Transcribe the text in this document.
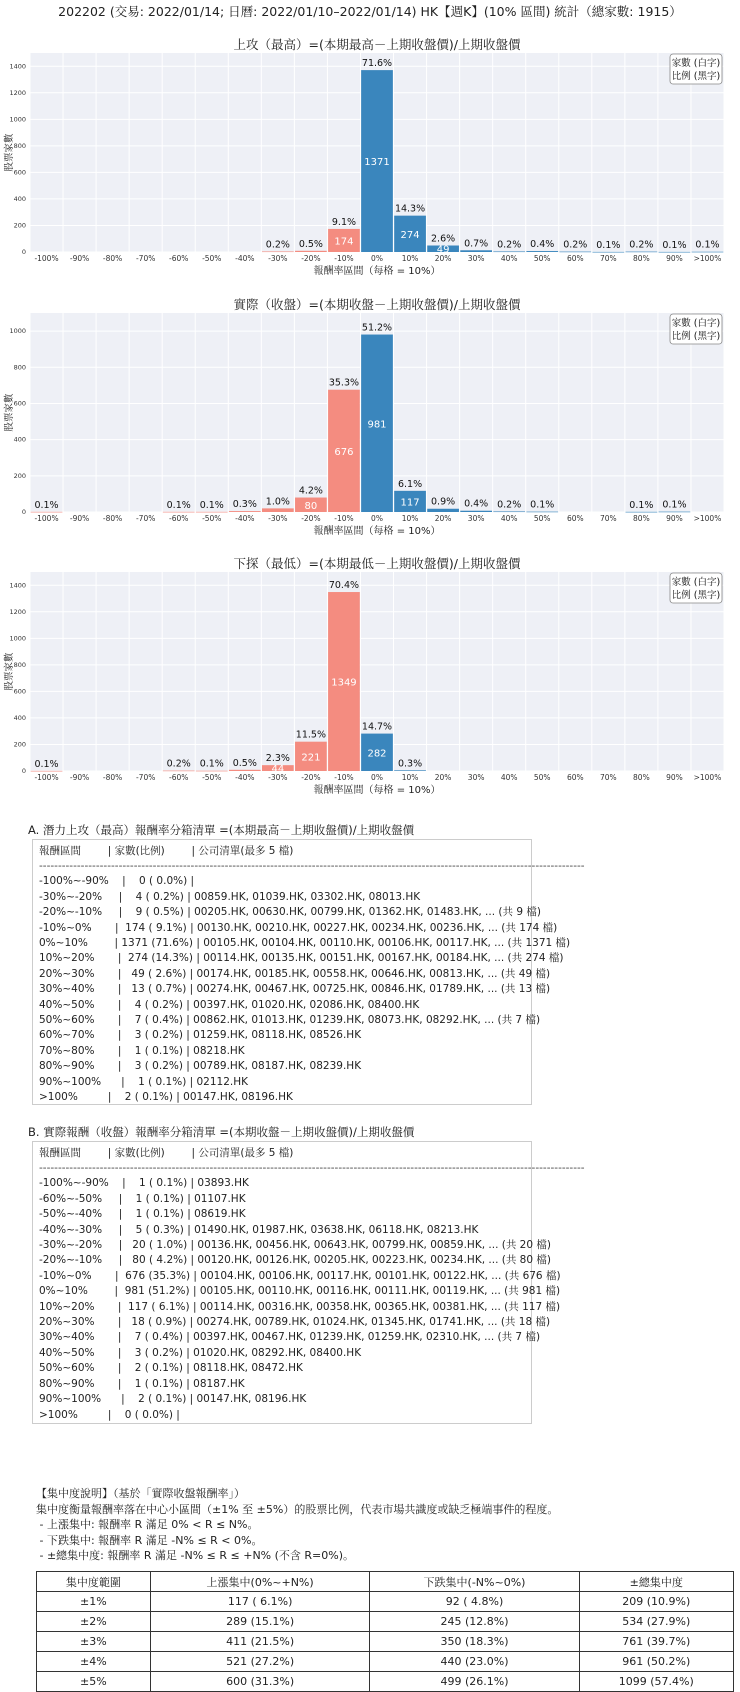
202202 (交易: 2022/01/14; 日曆: 2022/01/10–2022/01/14) HK【週K】(10% 區間) 統計（總家數: 1915）
上攻（最高）=(本期最高－上期收盤價)/上期收盤價
0
200
400
600
800
1000
1200
1400
-100% -90% -80% -70% -60% -50% -40%
0.2%
-30%
0.5%
-20%
174
9.1%
-10%
1371
71.6%
0%
274
14.3%
10%
49
2.6%
20%
0.7%
30%
0.2%
40%
0.4%
50%
0.2%
60%
0.1%
70%
0.2%
80%
0.1%
90%
0.1%
>100%
報酬率區間（每格 = 10%）
股票家數
家數 (白字)
比例 (黑字)
實際（收盤）=(本期收盤－上期收盤價)/上期收盤價
0
200
400
600
800
1000
0.1%
-100% -90% -80% -70%
0.1%
-60%
0.1%
-50%
0.3%
-40%
1.0%
-30%
80
4.2%
-20%
676
35.3%
-10%
981
51.2%
0%
117
6.1%
10%
0.9%
20%
0.4%
30%
0.2%
40%
0.1%
50% 60% 70%
0.1%
80%
0.1%
90% >100%
報酬率區間（每格 = 10%）
股票家數
家數 (白字)
比例 (黑字)
下探（最低）=(本期最低－上期收盤價)/上期收盤價
0
200
400
600
800
1000
1200
1400
0.1%
-100% -90% -80% -70%
0.2%
-60%
0.1%
-50%
0.5%
-40%
44
2.3%
-30%
221
11.5%
-20%
1349
70.4%
-10%
282
14.7%
0%
0.3%
10% 20% 30% 40% 50% 60% 70% 80% 90% >100%
報酬率區間（每格 = 10%）
股票家數
家數 (白字)
比例 (黑字)
A. 潛力上攻（最高）報酬率分箱清單 =(本期最高－上期收盤價)/上期收盤價
報酬區間        | 家數(比例)        | 公司清單(最多 5 檔)
------------------------------------------------------------------------------------------------------------------------------------------------
-100%~-90%    |    0 ( 0.0%) |
-30%~-20%     |    4 ( 0.2%) | 00859.HK, 01039.HK, 03302.HK, 08013.HK
-20%~-10%     |    9 ( 0.5%) | 00205.HK, 00630.HK, 00799.HK, 01362.HK, 01483.HK, ... (共 9 檔)
-10%~0%       |  174 ( 9.1%) | 00130.HK, 00210.HK, 00227.HK, 00234.HK, 00236.HK, ... (共 174 檔)
0%~10%        | 1371 (71.6%) | 00105.HK, 00104.HK, 00110.HK, 00106.HK, 00117.HK, ... (共 1371 檔)
10%~20%       |  274 (14.3%) | 00114.HK, 00135.HK, 00151.HK, 00167.HK, 00184.HK, ... (共 274 檔)
20%~30%       |   49 ( 2.6%) | 00174.HK, 00185.HK, 00558.HK, 00646.HK, 00813.HK, ... (共 49 檔)
30%~40%       |   13 ( 0.7%) | 00274.HK, 00467.HK, 00725.HK, 00846.HK, 01789.HK, ... (共 13 檔)
40%~50%       |    4 ( 0.2%) | 00397.HK, 01020.HK, 02086.HK, 08400.HK
50%~60%       |    7 ( 0.4%) | 00862.HK, 01013.HK, 01239.HK, 08073.HK, 08292.HK, ... (共 7 檔)
60%~70%       |    3 ( 0.2%) | 01259.HK, 08118.HK, 08526.HK
70%~80%       |    1 ( 0.1%) | 08218.HK
80%~90%       |    3 ( 0.2%) | 00789.HK, 08187.HK, 08239.HK
90%~100%      |    1 ( 0.1%) | 02112.HK
>100%         |    2 ( 0.1%) | 00147.HK, 08196.HK
B. 實際報酬（收盤）報酬率分箱清單 =(本期收盤－上期收盤價)/上期收盤價
報酬區間        | 家數(比例)        | 公司清單(最多 5 檔)
------------------------------------------------------------------------------------------------------------------------------------------------
-100%~-90%    |    1 ( 0.1%) | 03893.HK
-60%~-50%     |    1 ( 0.1%) | 01107.HK
-50%~-40%     |    1 ( 0.1%) | 08619.HK
-40%~-30%     |    5 ( 0.3%) | 01490.HK, 01987.HK, 03638.HK, 06118.HK, 08213.HK
-30%~-20%     |   20 ( 1.0%) | 00136.HK, 00456.HK, 00643.HK, 00799.HK, 00859.HK, ... (共 20 檔)
-20%~-10%     |   80 ( 4.2%) | 00120.HK, 00126.HK, 00205.HK, 00223.HK, 00234.HK, ... (共 80 檔)
-10%~0%       |  676 (35.3%) | 00104.HK, 00106.HK, 00117.HK, 00101.HK, 00122.HK, ... (共 676 檔)
0%~10%        |  981 (51.2%) | 00105.HK, 00110.HK, 00116.HK, 00111.HK, 00119.HK, ... (共 981 檔)
10%~20%       |  117 ( 6.1%) | 00114.HK, 00316.HK, 00358.HK, 00365.HK, 00381.HK, ... (共 117 檔)
20%~30%       |   18 ( 0.9%) | 00274.HK, 00789.HK, 01024.HK, 01345.HK, 01741.HK, ... (共 18 檔)
30%~40%       |    7 ( 0.4%) | 00397.HK, 00467.HK, 01239.HK, 01259.HK, 02310.HK, ... (共 7 檔)
40%~50%       |    3 ( 0.2%) | 01020.HK, 08292.HK, 08400.HK
50%~60%       |    2 ( 0.1%) | 08118.HK, 08472.HK
80%~90%       |    1 ( 0.1%) | 08187.HK
90%~100%      |    2 ( 0.1%) | 00147.HK, 08196.HK
>100%         |    0 ( 0.0%) |
【集中度說明】（基於「實際收盤報酬率」）
集中度衡量報酬率落在中心小區間（±1% 至 ±5%）的股票比例，代表市場共識度或缺乏極端事件的程度。
- 上漲集中: 報酬率 R 滿足 0% < R ≤ N%。
- 下跌集中: 報酬率 R 滿足 -N% ≤ R < 0%。
- ±總集中度: 報酬率 R 滿足 -N% ≤ R ≤ +N% (不含 R=0%)。
集中度範圍	上漲集中(0%~+N%)	下跌集中(-N%~0%)	±總集中度
±1%	117 ( 6.1%)	92 ( 4.8%)	209 (10.9%)
±2%	289 (15.1%)	245 (12.8%)	534 (27.9%)
±3%	411 (21.5%)	350 (18.3%)	761 (39.7%)
±4%	521 (27.2%)	440 (23.0%)	961 (50.2%)
±5%	600 (31.3%)	499 (26.1%)	1099 (57.4%)
